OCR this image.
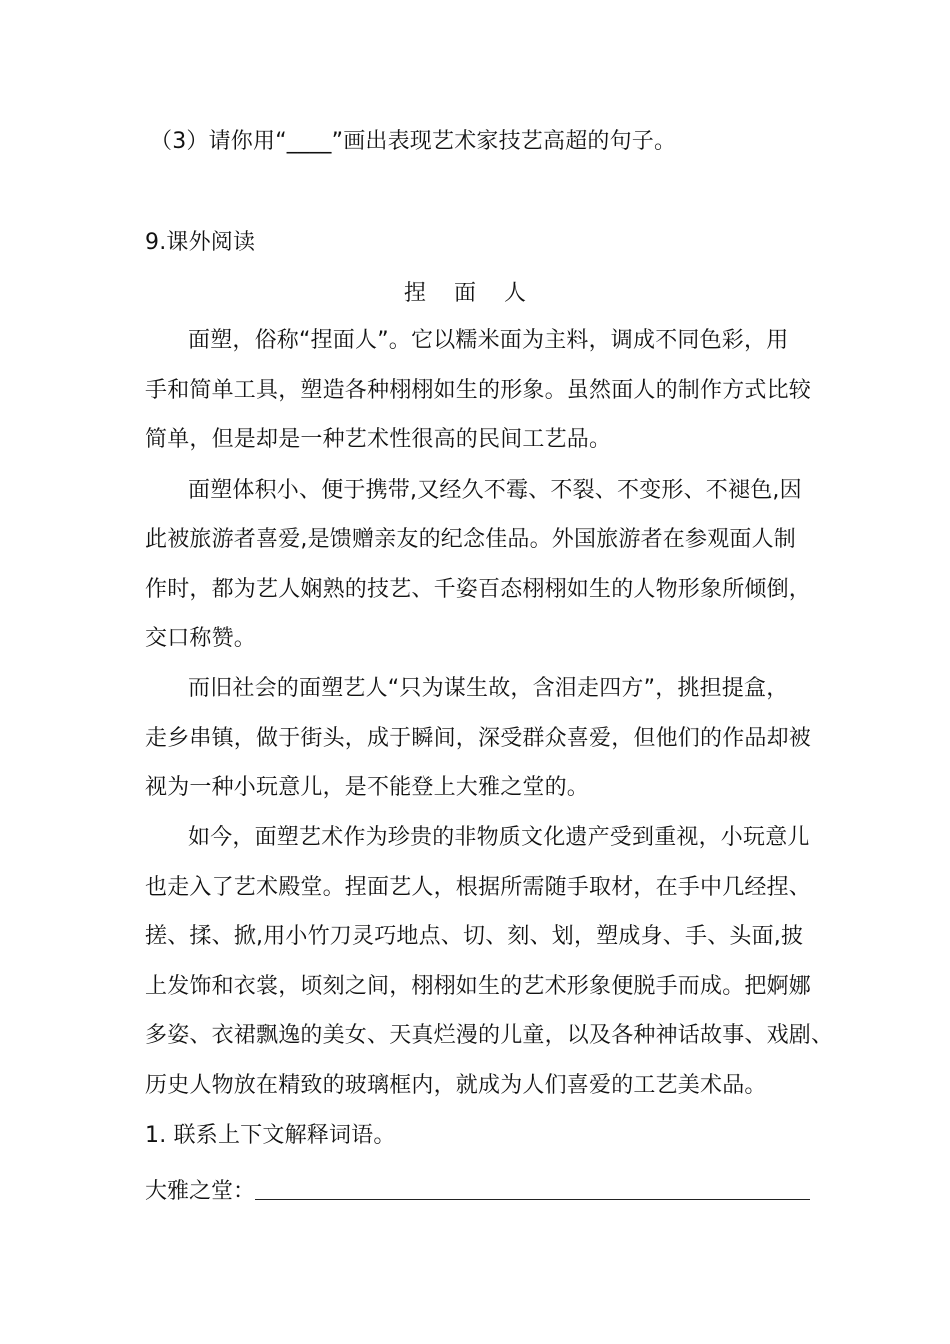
（3）请你用“____”画出表现艺术家技艺高超的句子。
9.课外阅读
捏面人
面塑，俗称“捏面人”。它以糯米面为主料，调成不同色彩，用
手和简单工具，塑造各种栩栩如生的形象。虽然面人的制作方式比较
简单，但是却是一种艺术性很高的民间工艺品。
面塑体积小、便于携带,又经久不霉、不裂、不变形、不褪色,因
此被旅游者喜爱,是馈赠亲友的纪念佳品。外国旅游者在参观面人制
作时，都为艺人娴熟的技艺、千姿百态栩栩如生的人物形象所倾倒，
交口称赞。
而旧社会的面塑艺人“只为谋生故，含泪走四方”，挑担提盒，
走乡串镇，做于街头，成于瞬间，深受群众喜爱，但他们的作品却被
视为一种小玩意儿，是不能登上大雅之堂的。
如今，面塑艺术作为珍贵的非物质文化遗产受到重视，小玩意儿
也走入了艺术殿堂。捏面艺人，根据所需随手取材，在手中几经捏、
搓、揉、掀,用小竹刀灵巧地点、切、刻、划，塑成身、手、头面,披
上发饰和衣裳，顷刻之间，栩栩如生的艺术形象便脱手而成。把婀娜
多姿、衣裙飘逸的美女、天真烂漫的儿童，以及各种神话故事、戏剧、
历史人物放在精致的玻璃框内，就成为人们喜爱的工艺美术品。
1. 联系上下文解释词语。
大雅之堂：
